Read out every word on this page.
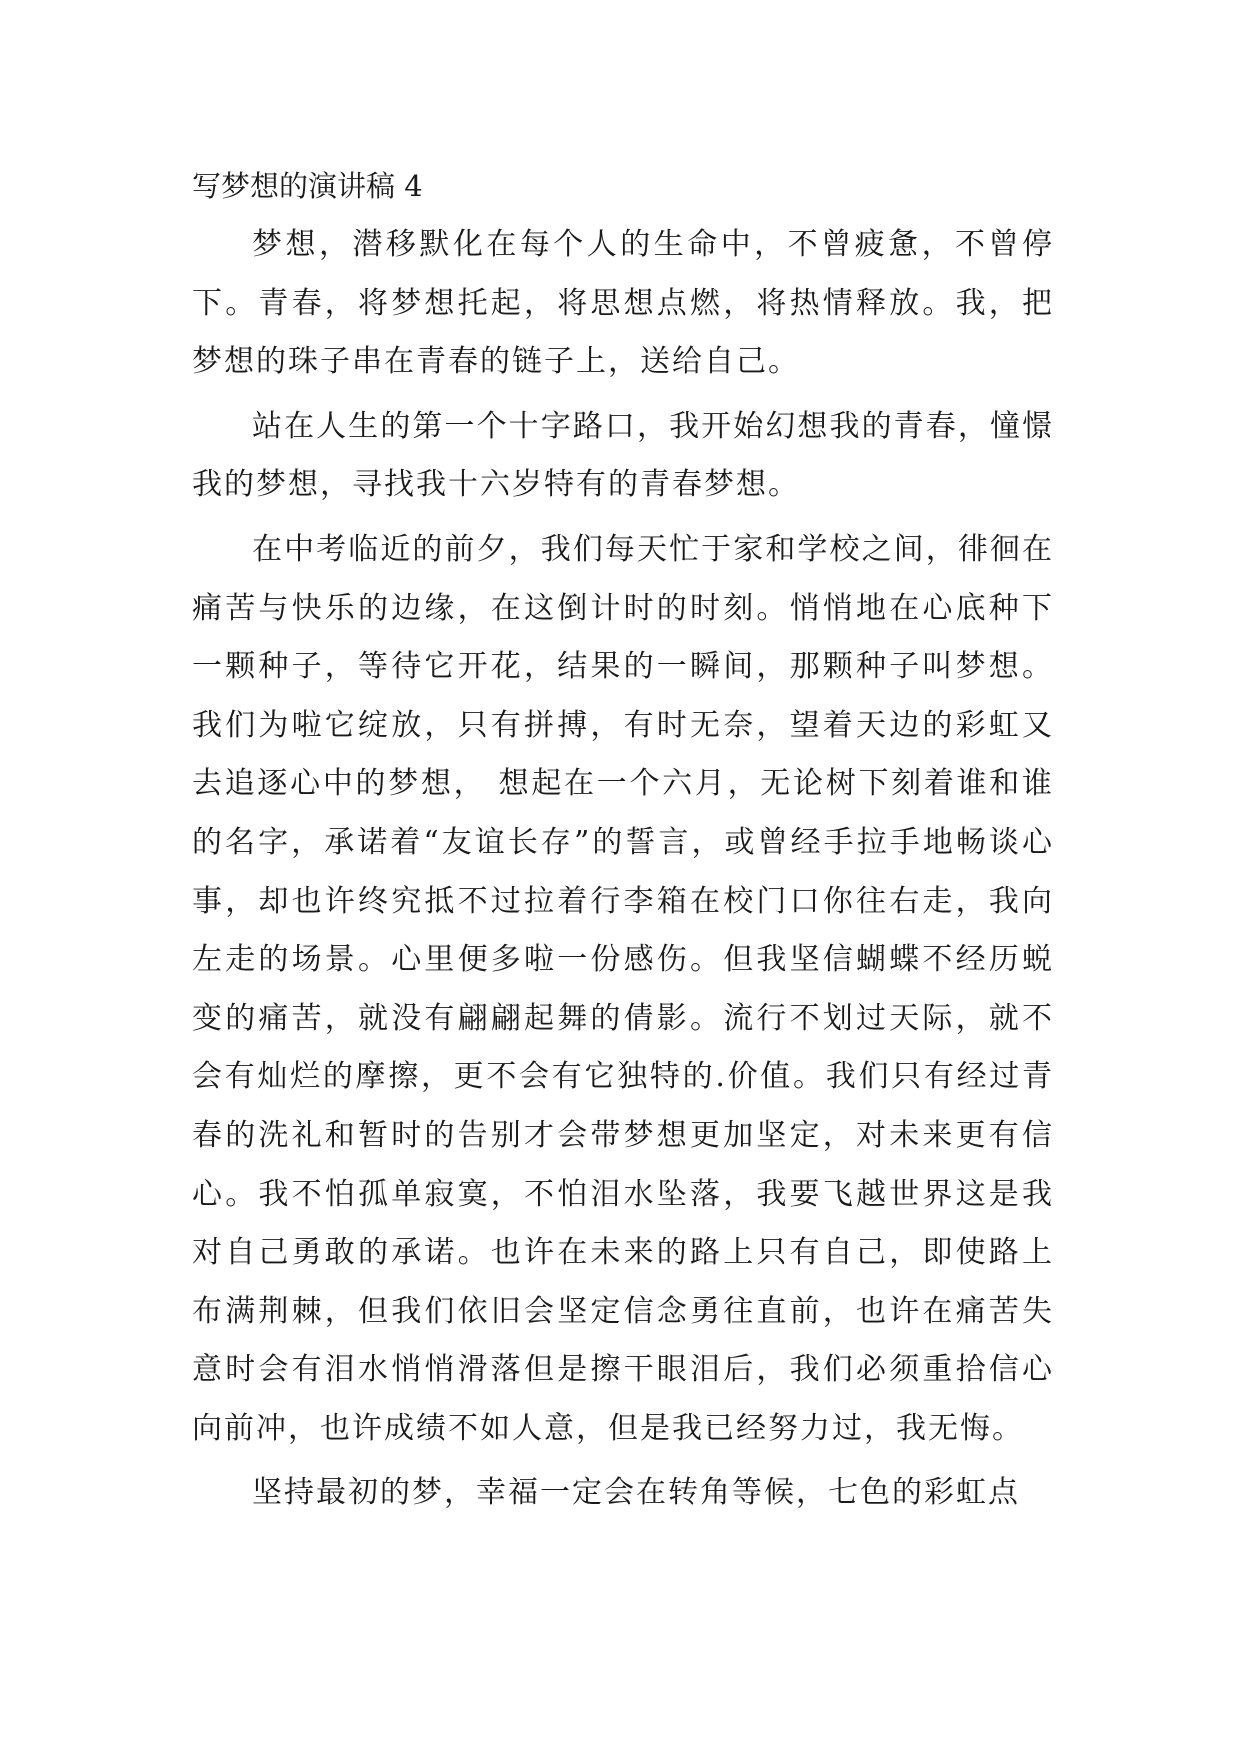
写梦想的演讲稿 4

梦想，潜移默化在每个人的生命中，不曾疲惫，不曾停下。青春，将梦想托起，将思想点燃，将热情释放。我，把梦想的珠子串在青春的链子上，送给自己。

站在人生的第一个十字路口，我开始幻想我的青春，憧憬我的梦想，寻找我十六岁特有的青春梦想。

在中考临近的前夕，我们每天忙于家和学校之间，徘徊在痛苦与快乐的边缘，在这倒计时的时刻。悄悄地在心底种下一颗种子，等待它开花，结果的一瞬间，那颗种子叫梦想。我们为啦它绽放，只有拼搏，有时无奈，望着天边的彩虹又去追逐心中的梦想， 想起在一个六月，无论树下刻着谁和谁的名字，承诺着“友谊长存”的誓言，或曾经手拉手地畅谈心事，却也许终究抵不过拉着行李箱在校门口你往右走，我向左走的场景。心里便多啦一份感伤。但我坚信蝴蝶不经历蜕变的痛苦，就没有翩翩起舞的倩影。流行不划过天际，就不会有灿烂的摩擦，更不会有它独特的.价值。我们只有经过青春的洗礼和暂时的告别才会带梦想更加坚定，对未来更有信心。我不怕孤单寂寞，不怕泪水坠落，我要飞越世界这是我对自己勇敢的承诺。也许在未来的路上只有自己，即使路上布满荆棘，但我们依旧会坚定信念勇往直前，也许在痛苦失意时会有泪水悄悄滑落但是擦干眼泪后，我们必须重拾信心向前冲，也许成绩不如人意，但是我已经努力过，我无悔。

坚持最初的梦，幸福一定会在转角等候，七色的彩虹点
